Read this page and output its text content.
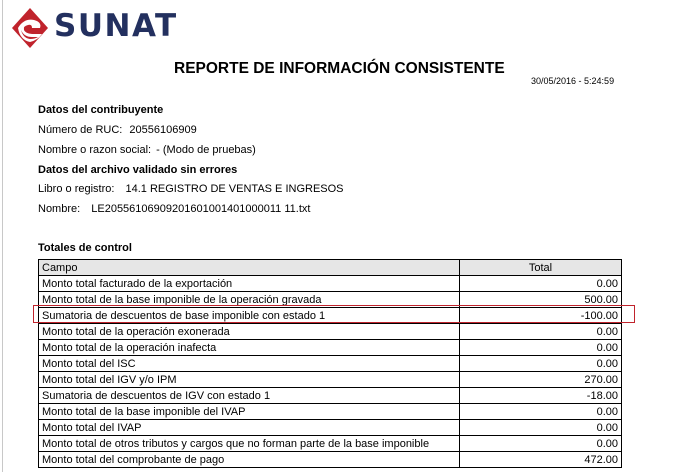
SUNAT
REPORTE DE INFORMACIÓN CONSISTENTE
30/05/2016 - 5:24:59
Datos del contribuyente
Número de RUC: 20556106909
Nombre o razon social: - (Modo de pruebas)
Datos del archivo validado sin errores
Libro o registro: 14.1 REGISTRO DE VENTAS E INGRESOS
Nombre: LE20556106909201601001401000011 11.txt
Totales de control
Campo	Total
Monto total facturado de la exportación	0.00
Monto total de la base imponible de la operación gravada	500.00
Sumatoria de descuentos de base imponible con estado 1	-100.00
Monto total de la operación exonerada	0.00
Monto total de la operación inafecta	0.00
Monto total del ISC	0.00
Monto total del IGV y/o IPM	270.00
Sumatoria de descuentos de IGV con estado 1	-18.00
Monto total de la base imponible del IVAP	0.00
Monto total del IVAP	0.00
Monto total de otros tributos y cargos que no forman parte de la base imponible	0.00
Monto total del comprobante de pago	472.00
